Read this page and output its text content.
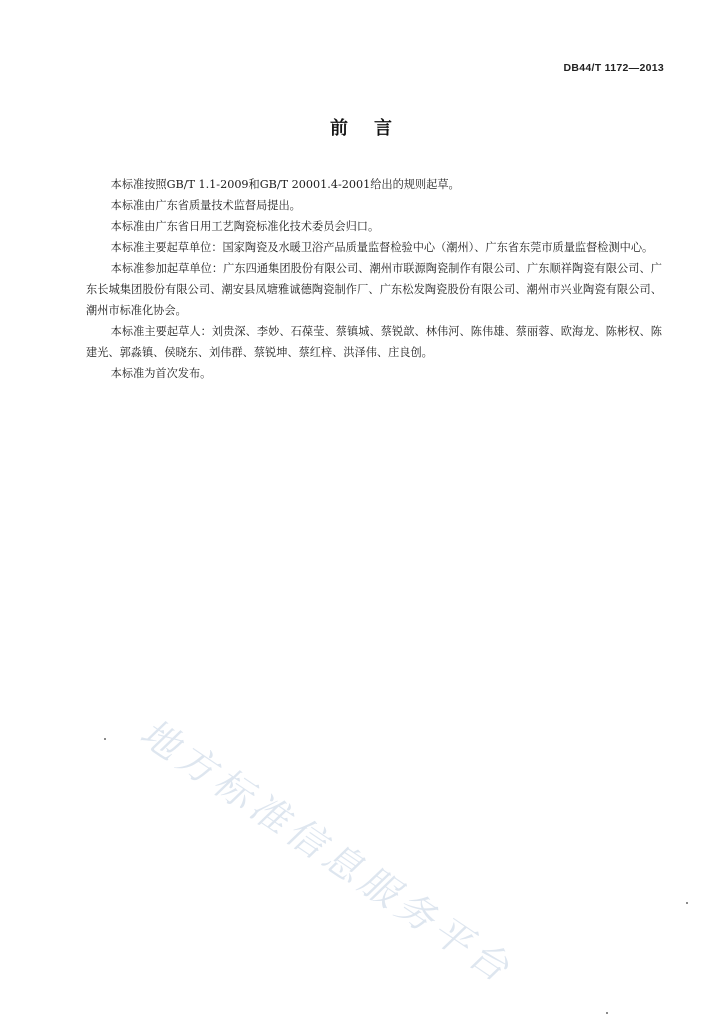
DB44/T 1172—2013
前言

本标准按照GB/T 1.1-2009和GB/T 20001.4-2001给出的规则起草。

本标准由广东省质量技术监督局提出。

本标准由广东省日用工艺陶瓷标准化技术委员会归口。

本标准主要起草单位：国家陶瓷及水暖卫浴产品质量监督检验中心（潮州）、广东省东莞市质量监督检测中心。

本标准参加起草单位：广东四通集团股份有限公司、潮州市联源陶瓷制作有限公司、广东顺祥陶瓷有限公司、广东长城集团股份有限公司、潮安县凤塘雅诚德陶瓷制作厂、广东松发陶瓷股份有限公司、潮州市兴业陶瓷有限公司、潮州市标准化协会。

本标准主要起草人：刘贵深、李妙、石葆莹、蔡镇城、蔡锐歆、林伟河、陈伟雄、蔡丽蓉、欧海龙、陈彬权、陈建光、郭淼镇、侯晓东、刘伟群、蔡锐坤、蔡红梓、洪泽伟、庄良创。

本标准为首次发布。

地方标准信息服务平台
